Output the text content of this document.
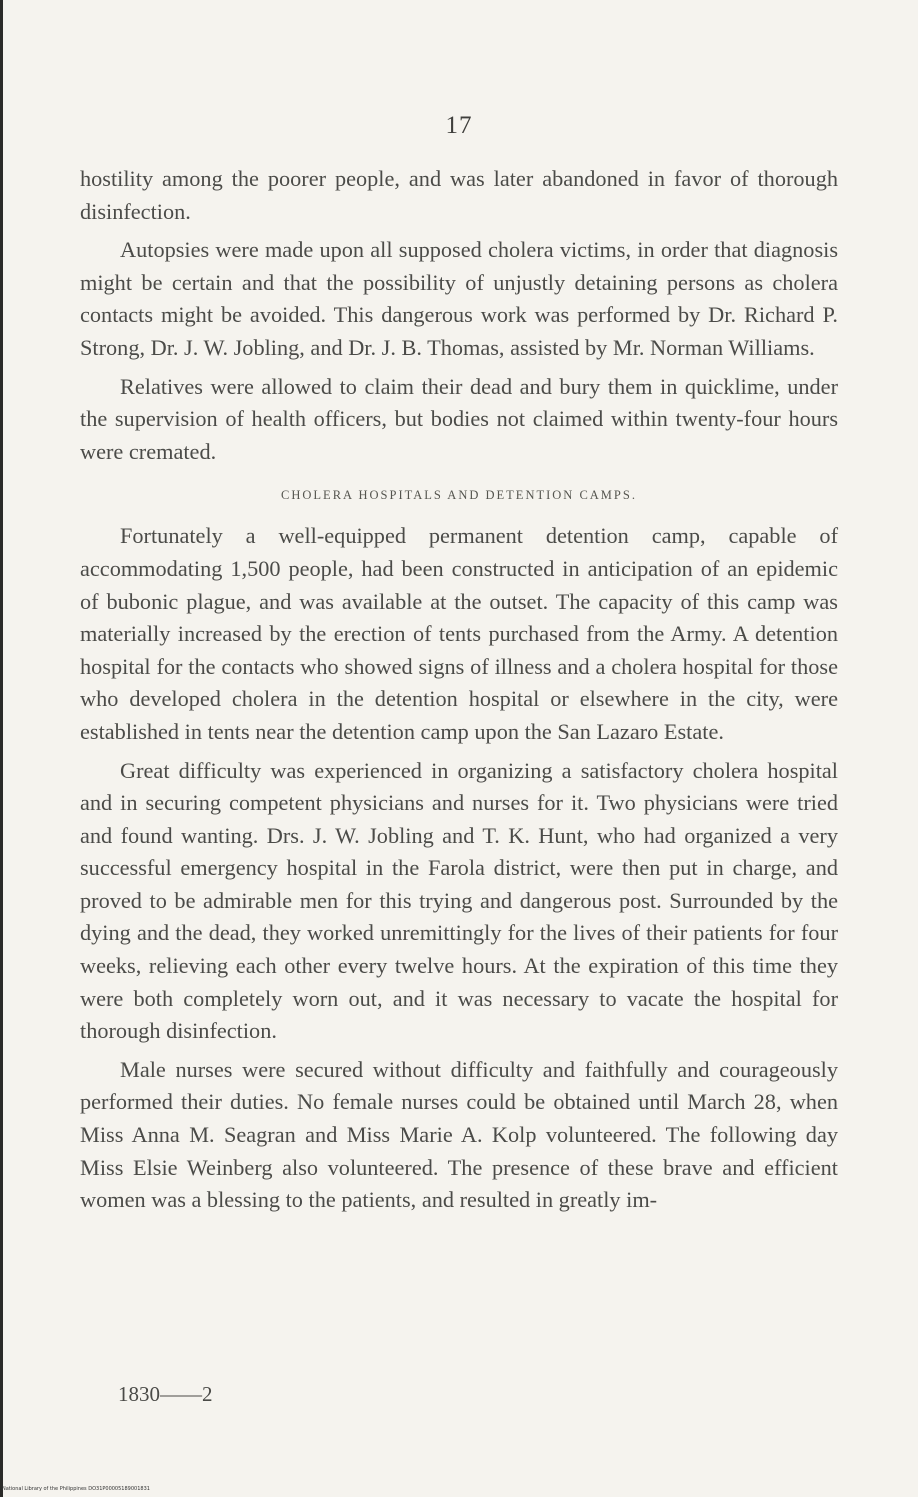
17

hostility among the poorer people, and was later abandoned in favor of thorough disinfection.

Autopsies were made upon all supposed cholera victims, in order that diagnosis might be certain and that the possibility of unjustly detaining persons as cholera contacts might be avoided. This dangerous work was performed by Dr. Richard P. Strong, Dr. J. W. Jobling, and Dr. J. B. Thomas, assisted by Mr. Norman Williams.

Relatives were allowed to claim their dead and bury them in quicklime, under the supervision of health officers, but bodies not claimed within twenty-four hours were cremated.

CHOLERA HOSPITALS AND DETENTION CAMPS.

Fortunately a well-equipped permanent detention camp, capable of accommodating 1,500 people, had been constructed in anticipation of an epidemic of bubonic plague, and was available at the outset. The capacity of this camp was materially increased by the erection of tents purchased from the Army. A detention hospital for the contacts who showed signs of illness and a cholera hospital for those who developed cholera in the detention hospital or elsewhere in the city, were established in tents near the detention camp upon the San Lazaro Estate.

Great difficulty was experienced in organizing a satisfactory cholera hospital and in securing competent physicians and nurses for it. Two physicians were tried and found wanting. Drs. J. W. Jobling and T. K. Hunt, who had organized a very successful emergency hospital in the Farola district, were then put in charge, and proved to be admirable men for this trying and dangerous post. Surrounded by the dying and the dead, they worked unremittingly for the lives of their patients for four weeks, relieving each other every twelve hours. At the expiration of this time they were both completely worn out, and it was necessary to vacate the hospital for thorough disinfection.

Male nurses were secured without difficulty and faithfully and courageously performed their duties. No female nurses could be obtained until March 28, when Miss Anna M. Seagran and Miss Marie A. Kolp volunteered. The following day Miss Elsie Weinberg also volunteered. The presence of these brave and efficient women was a blessing to the patients, and resulted in greatly im-

1830——2
National Library of the Philippines DO31P00005189001831
